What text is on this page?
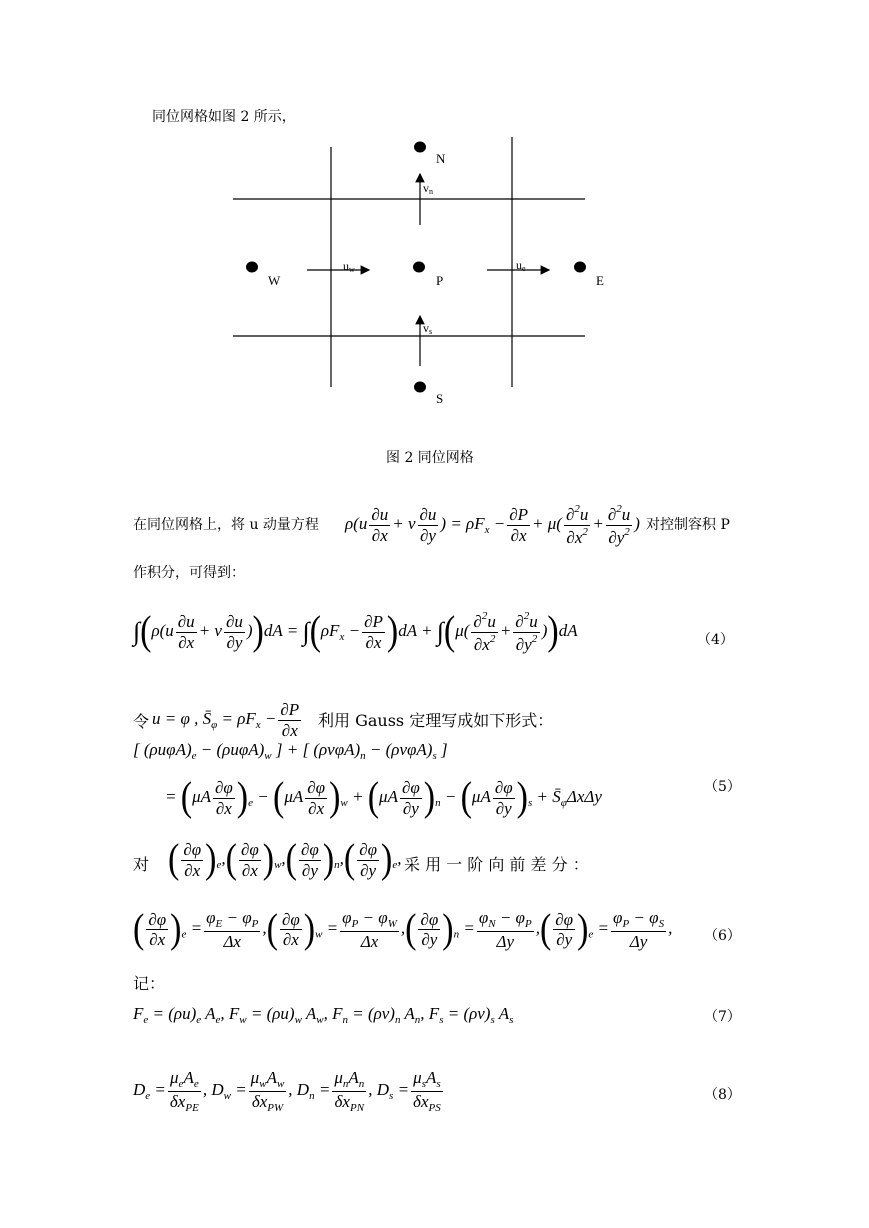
同位网格如图 2 所示，
N
W	P	E
S
vn
vs
uw	ue
图 2 同位网格
在同位网格上，将 u 动量方程 $\rho(u \frac{\partial u}{\partial x} + v \frac{\partial u}{\partial y}$ ) = $\rho F_x - \frac{\partial P}{\partial x} + \mu( \frac{\partial^2u}{\partial x^2} + \frac{\partial^2u}{\partial y^2}$ ) 对控制容积 P
作积分，可得到：
$\int(\rho(u \frac{\partial u}{\partial x} + v \frac{\partial u}{\partial y} ))dA = \int(\rho F_x - \frac{\partial P}{\partial x} )dA + \int(\mu( \frac{\partial^2u}{\partial x^2} + \frac{\partial^2u}{\partial y^2} ))dA$
（4）
令 u = φ , $S̄_\varphi = \rho F_x - \frac{\partial P}{\partial x}$ 利用 Gauss 定理写成如下形式：
[ $(\rho u\varphi A)_e - (\rho u\varphi A)_w$ ] + [ $(\rho v\varphi A)_n - (\rho v\varphi A)_s$ ]
= $(\mu A \frac{\partial\varphi}{\partial x} )_e - (\mu A \frac{\partial\varphi}{\partial x} )_w + (\mu A \frac{\partial\varphi}{\partial y} )_n - (\mu A \frac{\partial\varphi}{\partial y} )_s$ + $S̄_\varphi\Delta x\Delta y$	（5）
对 ( $\frac{\partial\varphi}{\partial x} )_e,( \frac{\partial\varphi}{\partial x} )_w,( \frac{\partial\varphi}{\partial y} )_n,( \frac{\partial\varphi}{\partial y} )_e$, 采 用 一 阶 向 前 差 分 ：
( $\frac{\partial\varphi}{\partial x} )_e = \frac{\varphi_E - \varphi_P}{\Delta x}$ ,( $\frac{\partial\varphi}{\partial x} )_w = \frac{\varphi_P - \varphi_W}{\Delta x}$ ,( $\frac{\partial\varphi}{\partial y} )_n = \frac{\varphi_N - \varphi_P}{\Delta y}$ ,( $\frac{\partial\varphi}{\partial y} )_e = \frac{\varphi_P - \varphi_S}{\Delta y}$ , （6）
记：
$F_e = (\rho u)_e$ $A_e$, $F_w = (\rho u)_w$ $A_w$, $F_n = (\rho v)_n$ $A_n$, $F_s = (\rho v)_s$ $A_s$	（7）
$D_e = \frac{\mu_eA_e}{\delta x_{PE}}$ , $D_w = \frac{\mu_wA_w}{\delta x_{PW}}$ , $D_n = \frac{\mu_nA_n}{\delta x_{PN}}$ , $D_s = \frac{\mu_sA_s}{\delta x_{PS}}$	（8）
